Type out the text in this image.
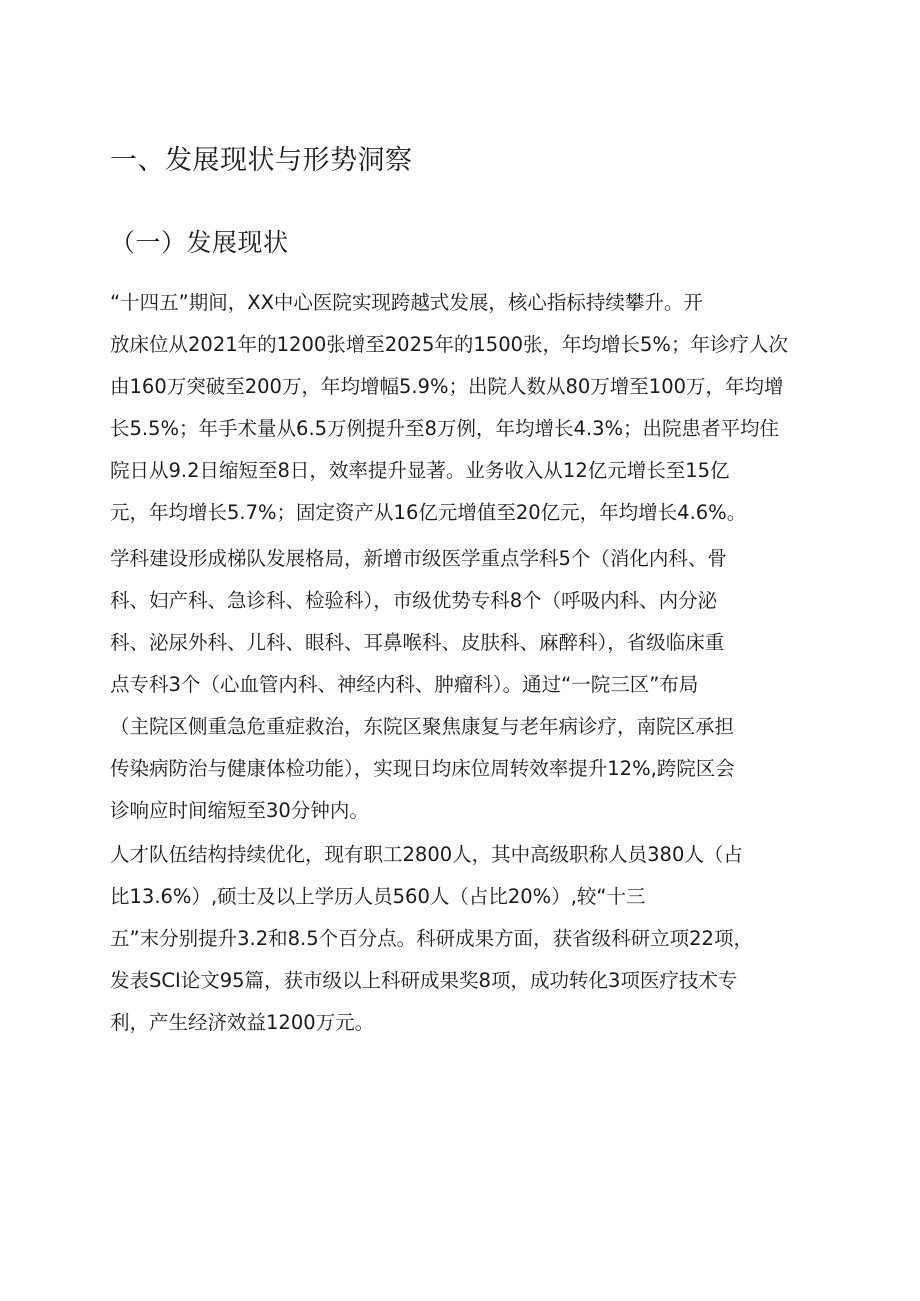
一、发展现状与形势洞察
（一）发展现状

“十四五”期间，XX中心医院实现跨越式发展，核心指标持续攀升。开
放床位从2021年的1200张增至2025年的1500张，年均增长5%；年诊疗人次
由160万突破至200万，年均增幅5.9%；出院人数从80万增至100万，年均增
长5.5%；年手术量从6.5万例提升至8万例，年均增长4.3%；出院患者平均住
院日从9.2日缩短至8日，效率提升显著。业务收入从12亿元增长至15亿
元，年均增长5.7%；固定资产从16亿元增值至20亿元，年均增长4.6%。

学科建设形成梯队发展格局，新增市级医学重点学科5个（消化内科、骨
科、妇产科、急诊科、检验科），市级优势专科8个（呼吸内科、内分泌
科、泌尿外科、儿科、眼科、耳鼻喉科、皮肤科、麻醉科），省级临床重
点专科3个（心血管内科、神经内科、肿瘤科）。通过“一院三区”布局
（主院区侧重急危重症救治，东院区聚焦康复与老年病诊疗，南院区承担
传染病防治与健康体检功能），实现日均床位周转效率提升12%,跨院区会
诊响应时间缩短至30分钟内。

人才队伍结构持续优化，现有职工2800人，其中高级职称人员380人（占
比13.6%）,硕士及以上学历人员560人（占比20%）,较“十三
五”末分别提升3.2和8.5个百分点。科研成果方面，获省级科研立项22项，
发表SCI论文95篇，获市级以上科研成果奖8项，成功转化3项医疗技术专
利，产生经济效益1200万元。
